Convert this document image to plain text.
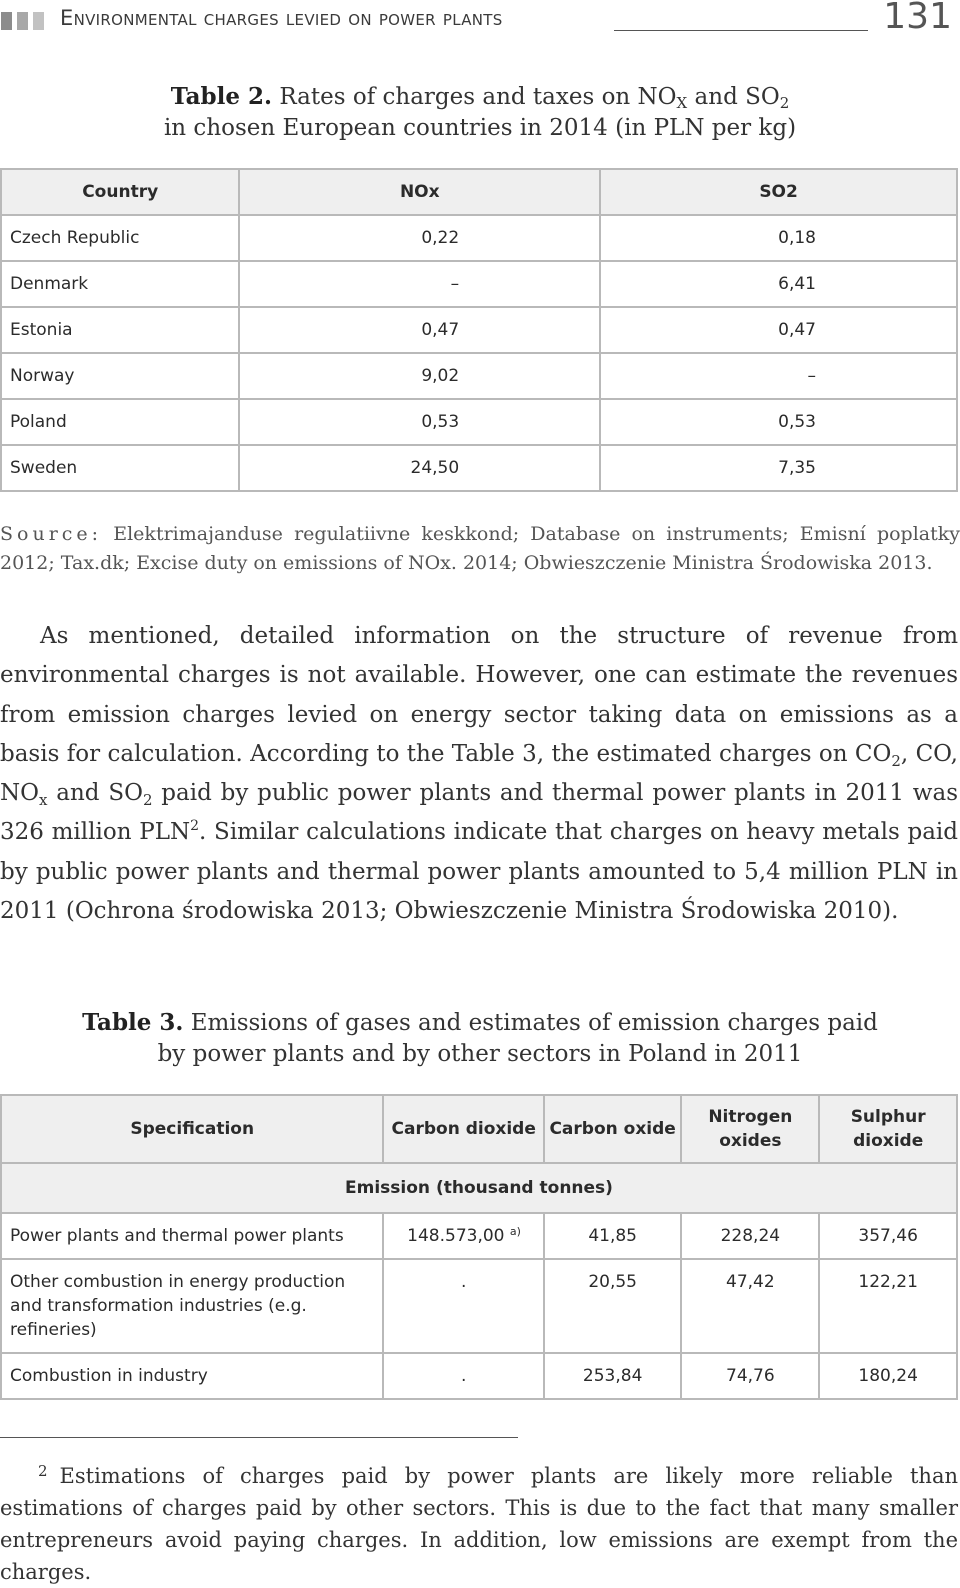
Environmental charges levied on power plants	131
Table 2. Rates of charges and taxes on $NO_X$ and $SO_2$
in chosen European countries in 2014 (in PLN per kg)
Country	NOx	SO2
Czech Republic	0,22	0,18
Denmark	–	6,41
Estonia	0,47	0,47
Norway	9,02	–
Poland	0,53	0,53
Sweden	24,50	7,35
Source: Elektrimajanduse regulatiivne keskkond; Database on instruments; Emisní poplatky 2012; Tax.dk; Excise duty on emissions of NOx. 2014; Obwieszczenie Ministra Środowiska 2013.

As mentioned, detailed information on the structure of revenue from environmental charges is not available. However, one can estimate the revenues from emission charges levied on energy sector taking data on emissions as a basis for calculation. According to the Table 3, the estimated charges on $CO_2$, CO, $NO_x$ and $SO_2$ paid by public power plants and thermal power plants in 2011 was 326 million PLN$^2$. Similar calculations indicate that charges on heavy metals paid by public power plants and thermal power plants amounted to 5,4 million PLN in 2011 (Ochrona środowiska 2013; Obwieszczenie Ministra Środowiska 2010).

Table 3. Emissions of gases and estimates of emission charges paid
by power plants and by other sectors in Poland in 2011
Specification	Carbon dioxide	Carbon oxide	Nitrogen oxides	Sulphur dioxide
Emission (thousand tonnes)				
Power plants and thermal power plants	148.573,00 $^{a)}$	41,85	228,24	357,46
Other combustion in energy production and transformation industries (e.g. refineries)	.	20,55	47,42	122,21
Combustion in industry	.	253,84	74,76	180,24

$^2$ Estimations of charges paid by power plants are likely more reliable than estimations of charges paid by other sectors. This is due to the fact that many smaller entrepreneurs avoid paying charges. In addition, low emissions are exempt from the charges.
